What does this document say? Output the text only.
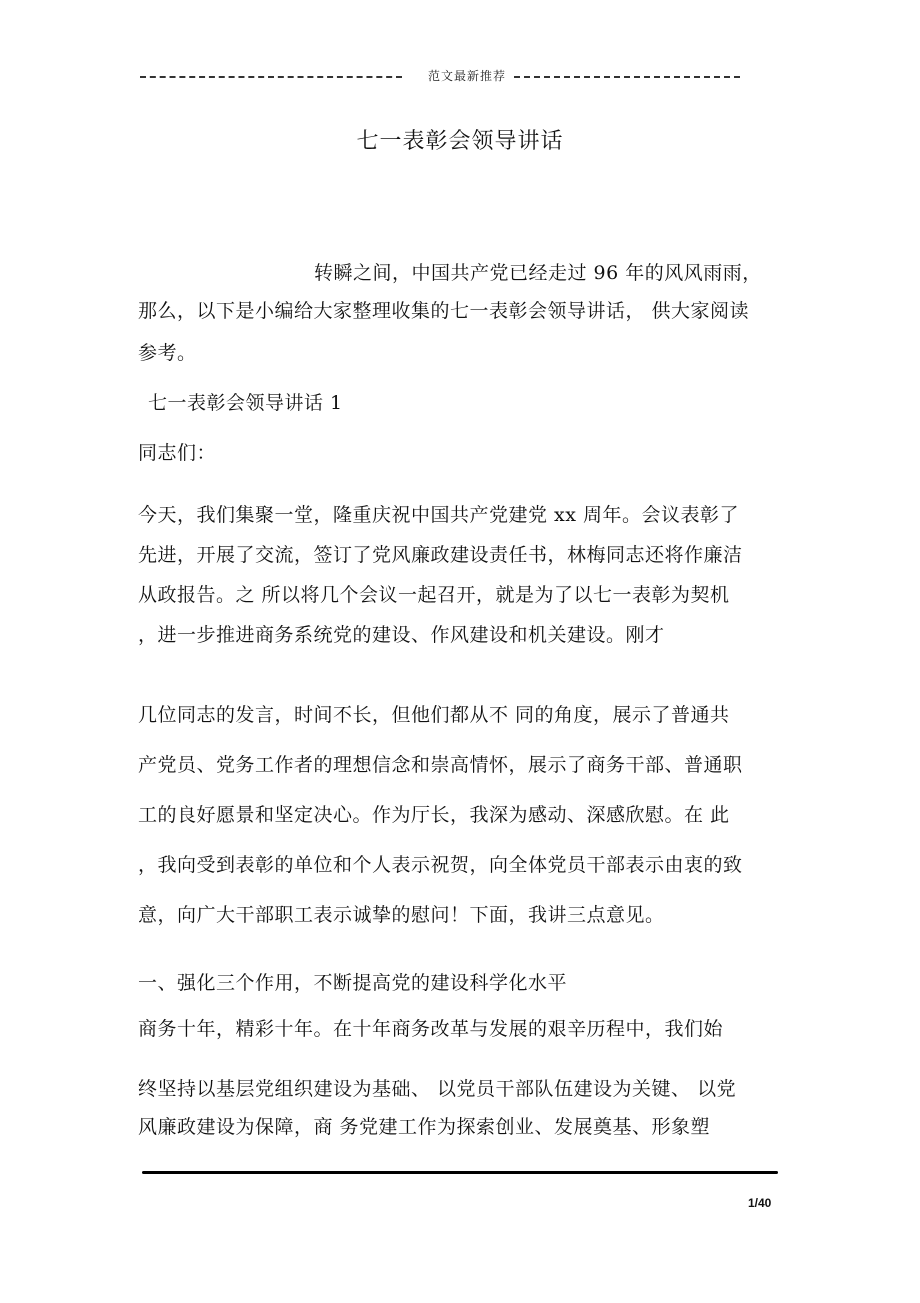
范文最新推荐
七一表彰会领导讲话
转瞬之间，中国共产党已经走过 96 年的风风雨雨，
那么，以下是小编给大家整理收集的七一表彰会领导讲话， 供大家阅读
参考。
七一表彰会领导讲话 1
同志们：
今天，我们集聚一堂，隆重庆祝中国共产党建党 xx 周年。会议表彰了
先进，开展了交流，签订了党风廉政建设责任书，林梅同志还将作廉洁
从政报告。之 所以将几个会议一起召开，就是为了以七一表彰为契机
，进一步推进商务系统党的建设、作风建设和机关建设。刚才
几位同志的发言，时间不长，但他们都从不 同的角度，展示了普通共
产党员、党务工作者的理想信念和崇高情怀，展示了商务干部、普通职
工的良好愿景和坚定决心。作为厅长，我深为感动、深感欣慰。在 此
，我向受到表彰的单位和个人表示祝贺，向全体党员干部表示由衷的致
意，向广大干部职工表示诚挚的慰问！下面，我讲三点意见。
一、强化三个作用，不断提高党的建设科学化水平
商务十年，精彩十年。在十年商务改革与发展的艰辛历程中，我们始
终坚持以基层党组织建设为基础、 以党员干部队伍建设为关键、 以党
风廉政建设为保障，商 务党建工作为探索创业、发展奠基、形象塑
1/40
